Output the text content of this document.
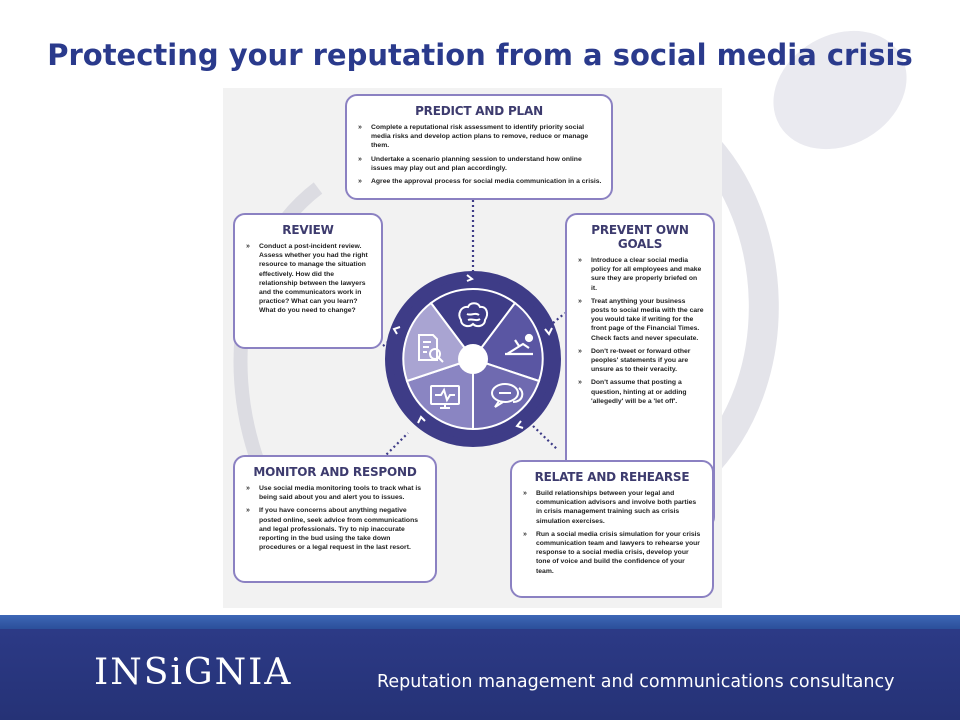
Protecting your reputation from a social media crisis
PREDICT AND PLAN
» Complete a reputational risk assessment to identify priority social media risks and develop action plans to remove, reduce or manage them.
» Undertake a scenario planning session to understand how online issues may play out and plan accordingly.
» Agree the approval process for social media communication in a crisis.
REVIEW
» Conduct a post-incident review. Assess whether you had the right resource to manage the situation effectively. How did the relationship between the lawyers and the communicators work in practice? What can you learn? What do you need to change?
PREVENT OWN GOALS
» Introduce a clear social media policy for all employees and make sure they are properly briefed on it.
» Treat anything your business posts to social media with the care you would take if writing for the front page of the Financial Times. Check facts and never speculate.
» Don't re-tweet or forward other peoples' statements if you are unsure as to their veracity.
» Don't assume that posting a question, hinting at or adding 'allegedly' will be a 'let off'.
MONITOR AND RESPOND
» Use social media monitoring tools to track what is being said about you and alert you to issues.
» If you have concerns about anything negative posted online, seek advice from communications and legal professionals. Try to nip inaccurate reporting in the bud using the take down procedures or a legal request in the last resort.
RELATE AND REHEARSE
» Build relationships between your legal and communication advisors and involve both parties in crisis management training such as crisis simulation exercises.
» Run a social media crisis simulation for your crisis communication team and lawyers to rehearse your response to a social media crisis, develop your tone of voice and build the confidence of your team.

INSiGNIA	Reputation management and communications consultancy
